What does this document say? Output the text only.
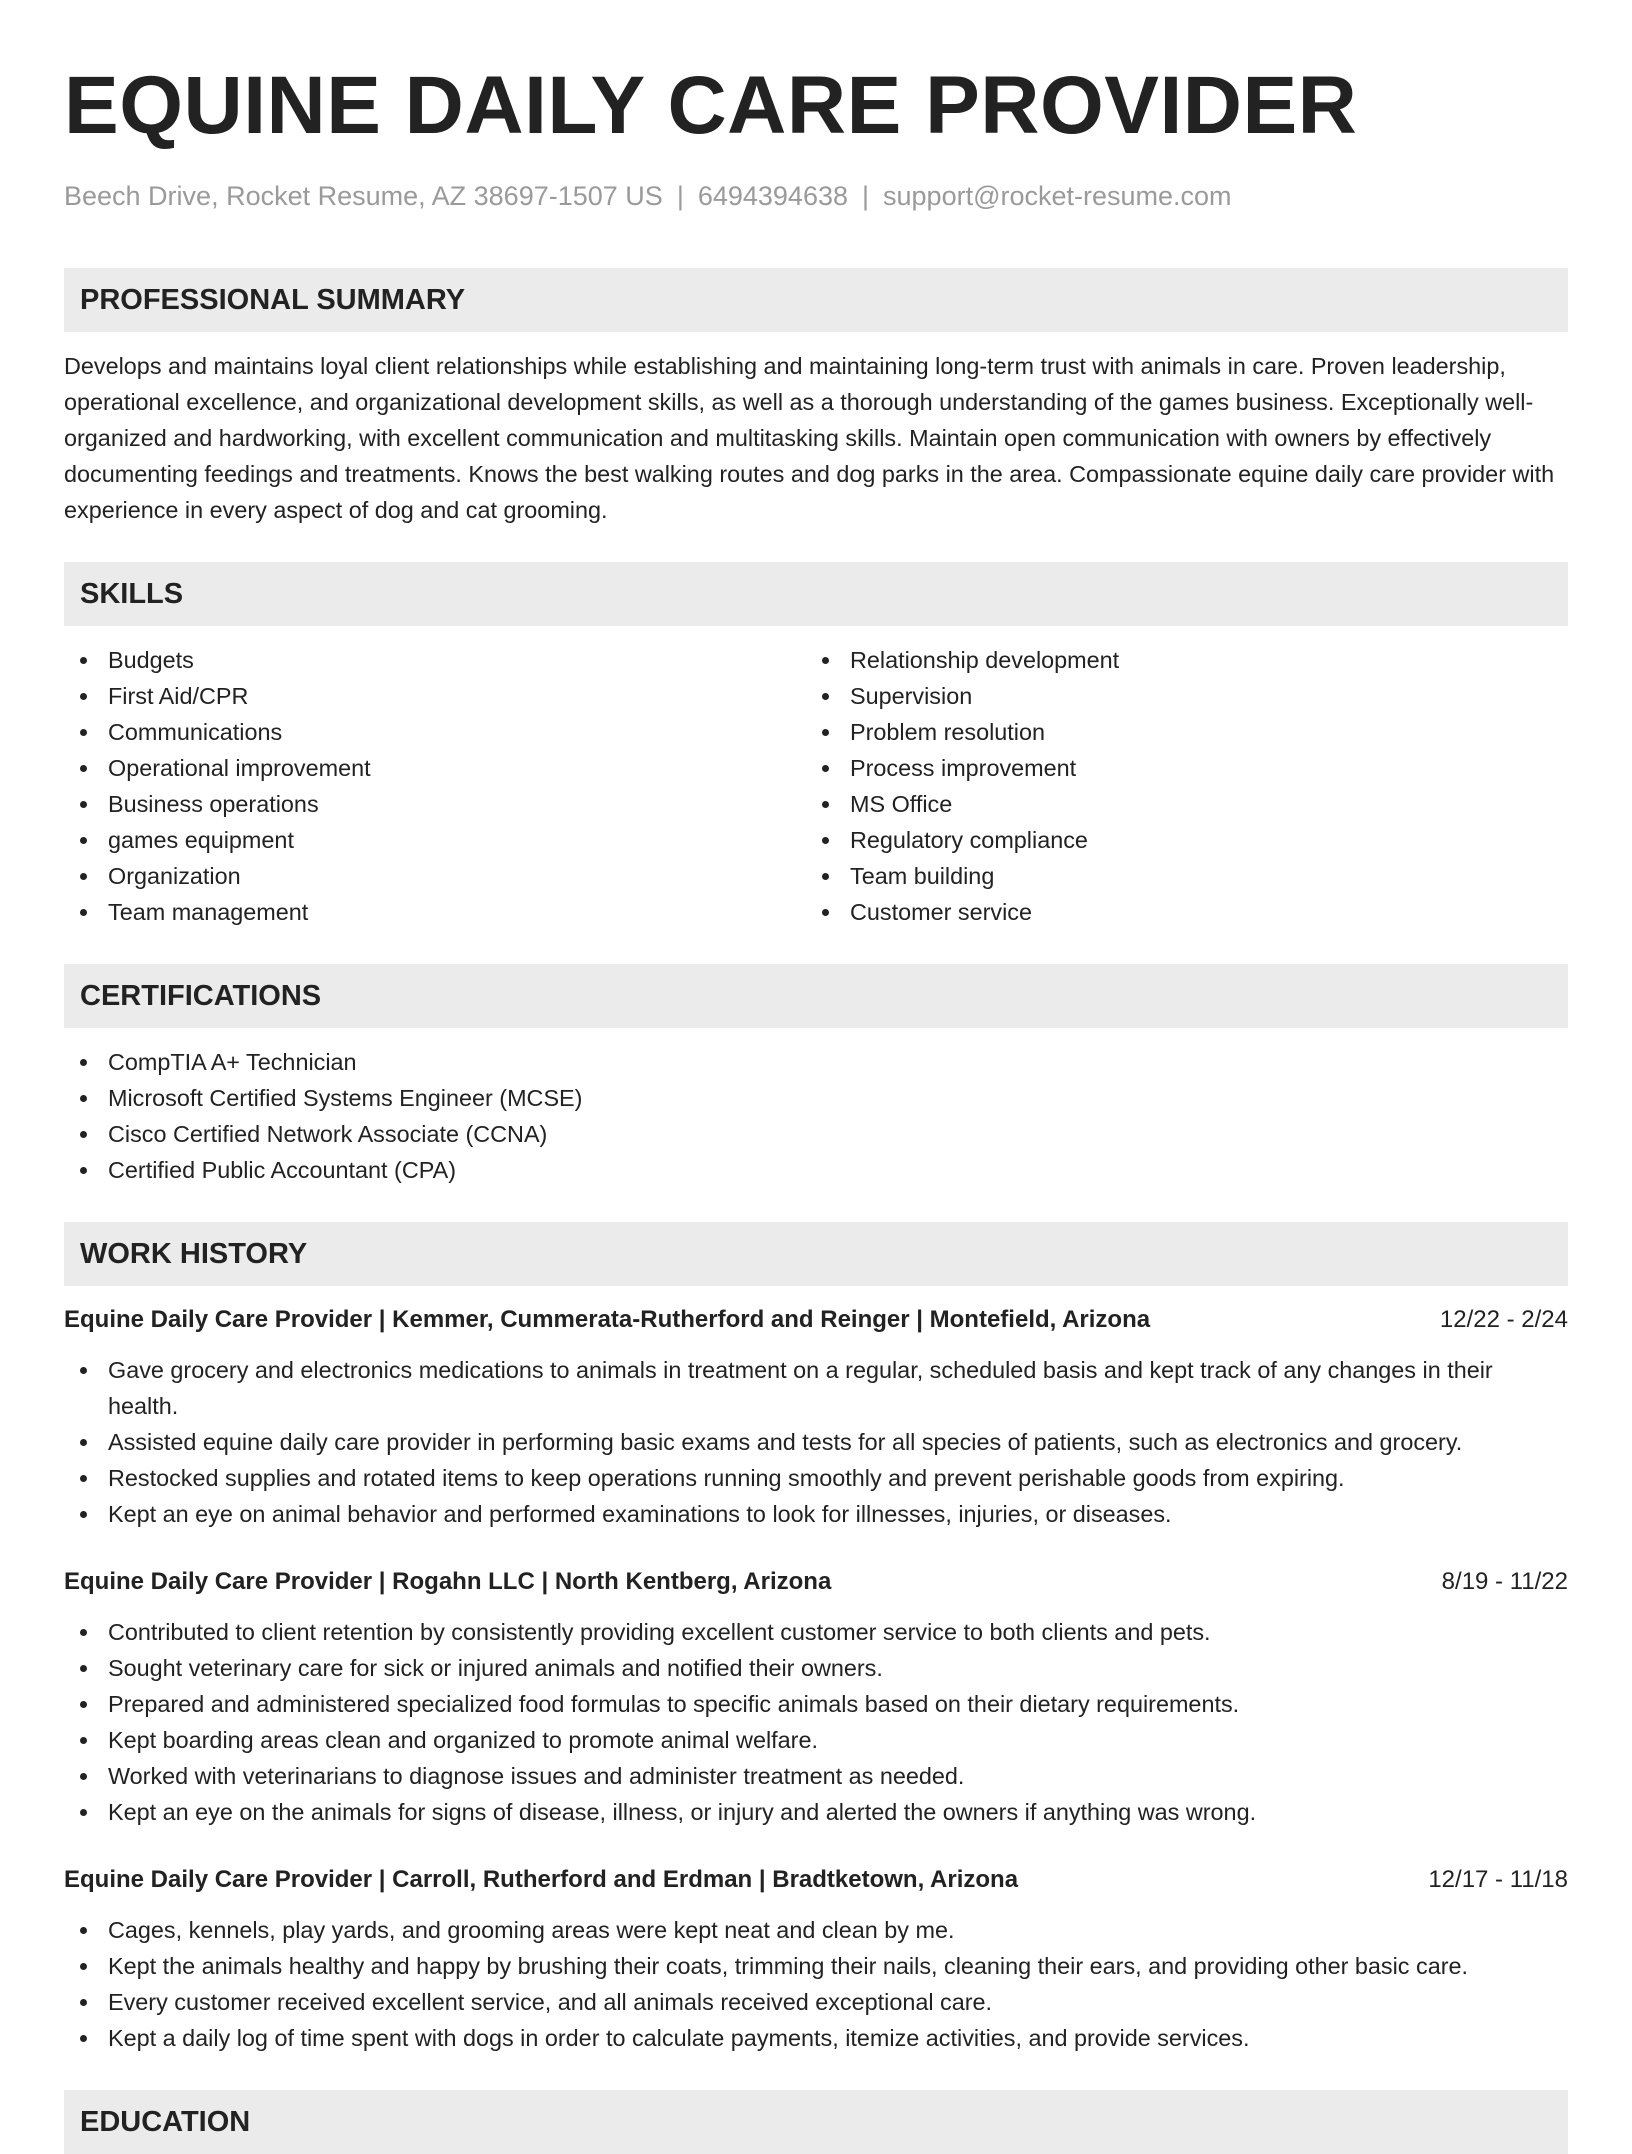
EQUINE DAILY CARE PROVIDER
Beech Drive, Rocket Resume, AZ 38697-1507 US | 6494394638 | support@rocket-resume.com
PROFESSIONAL SUMMARY

Develops and maintains loyal client relationships while establishing and maintaining long-term trust with animals in care. Proven leadership, operational excellence, and organizational development skills, as well as a thorough understanding of the games business. Exceptionally well-organized and hardworking, with excellent communication and multitasking skills. Maintain open communication with owners by effectively documenting feedings and treatments. Knows the best walking routes and dog parks in the area. Compassionate equine daily care provider with experience in every aspect of dog and cat grooming.

SKILLS
Budgets
First Aid/CPR
Communications
Operational improvement
Business operations
games equipment
Organization
Team management
Relationship development
Supervision
Problem resolution
Process improvement
MS Office
Regulatory compliance
Team building
Customer service
CERTIFICATIONS
CompTIA A+ Technician
Microsoft Certified Systems Engineer (MCSE)
Cisco Certified Network Associate (CCNA)
Certified Public Accountant (CPA)
WORK HISTORY
Equine Daily Care Provider | Kemmer, Cummerata-Rutherford and Reinger | Montefield, Arizona	12/22 - 2/24
Gave grocery and electronics medications to animals in treatment on a regular, scheduled basis and kept track of any changes in their health.
Assisted equine daily care provider in performing basic exams and tests for all species of patients, such as electronics and grocery.
Restocked supplies and rotated items to keep operations running smoothly and prevent perishable goods from expiring.
Kept an eye on animal behavior and performed examinations to look for illnesses, injuries, or diseases.
Equine Daily Care Provider | Rogahn LLC | North Kentberg, Arizona	8/19 - 11/22
Contributed to client retention by consistently providing excellent customer service to both clients and pets.
Sought veterinary care for sick or injured animals and notified their owners.
Prepared and administered specialized food formulas to specific animals based on their dietary requirements.
Kept boarding areas clean and organized to promote animal welfare.
Worked with veterinarians to diagnose issues and administer treatment as needed.
Kept an eye on the animals for signs of disease, illness, or injury and alerted the owners if anything was wrong.
Equine Daily Care Provider | Carroll, Rutherford and Erdman | Bradtketown, Arizona	12/17 - 11/18
Cages, kennels, play yards, and grooming areas were kept neat and clean by me.
Kept the animals healthy and happy by brushing their coats, trimming their nails, cleaning their ears, and providing other basic care.
Every customer received excellent service, and all animals received exceptional care.
Kept a daily log of time spent with dogs in order to calculate payments, itemize activities, and provide services.
EDUCATION
